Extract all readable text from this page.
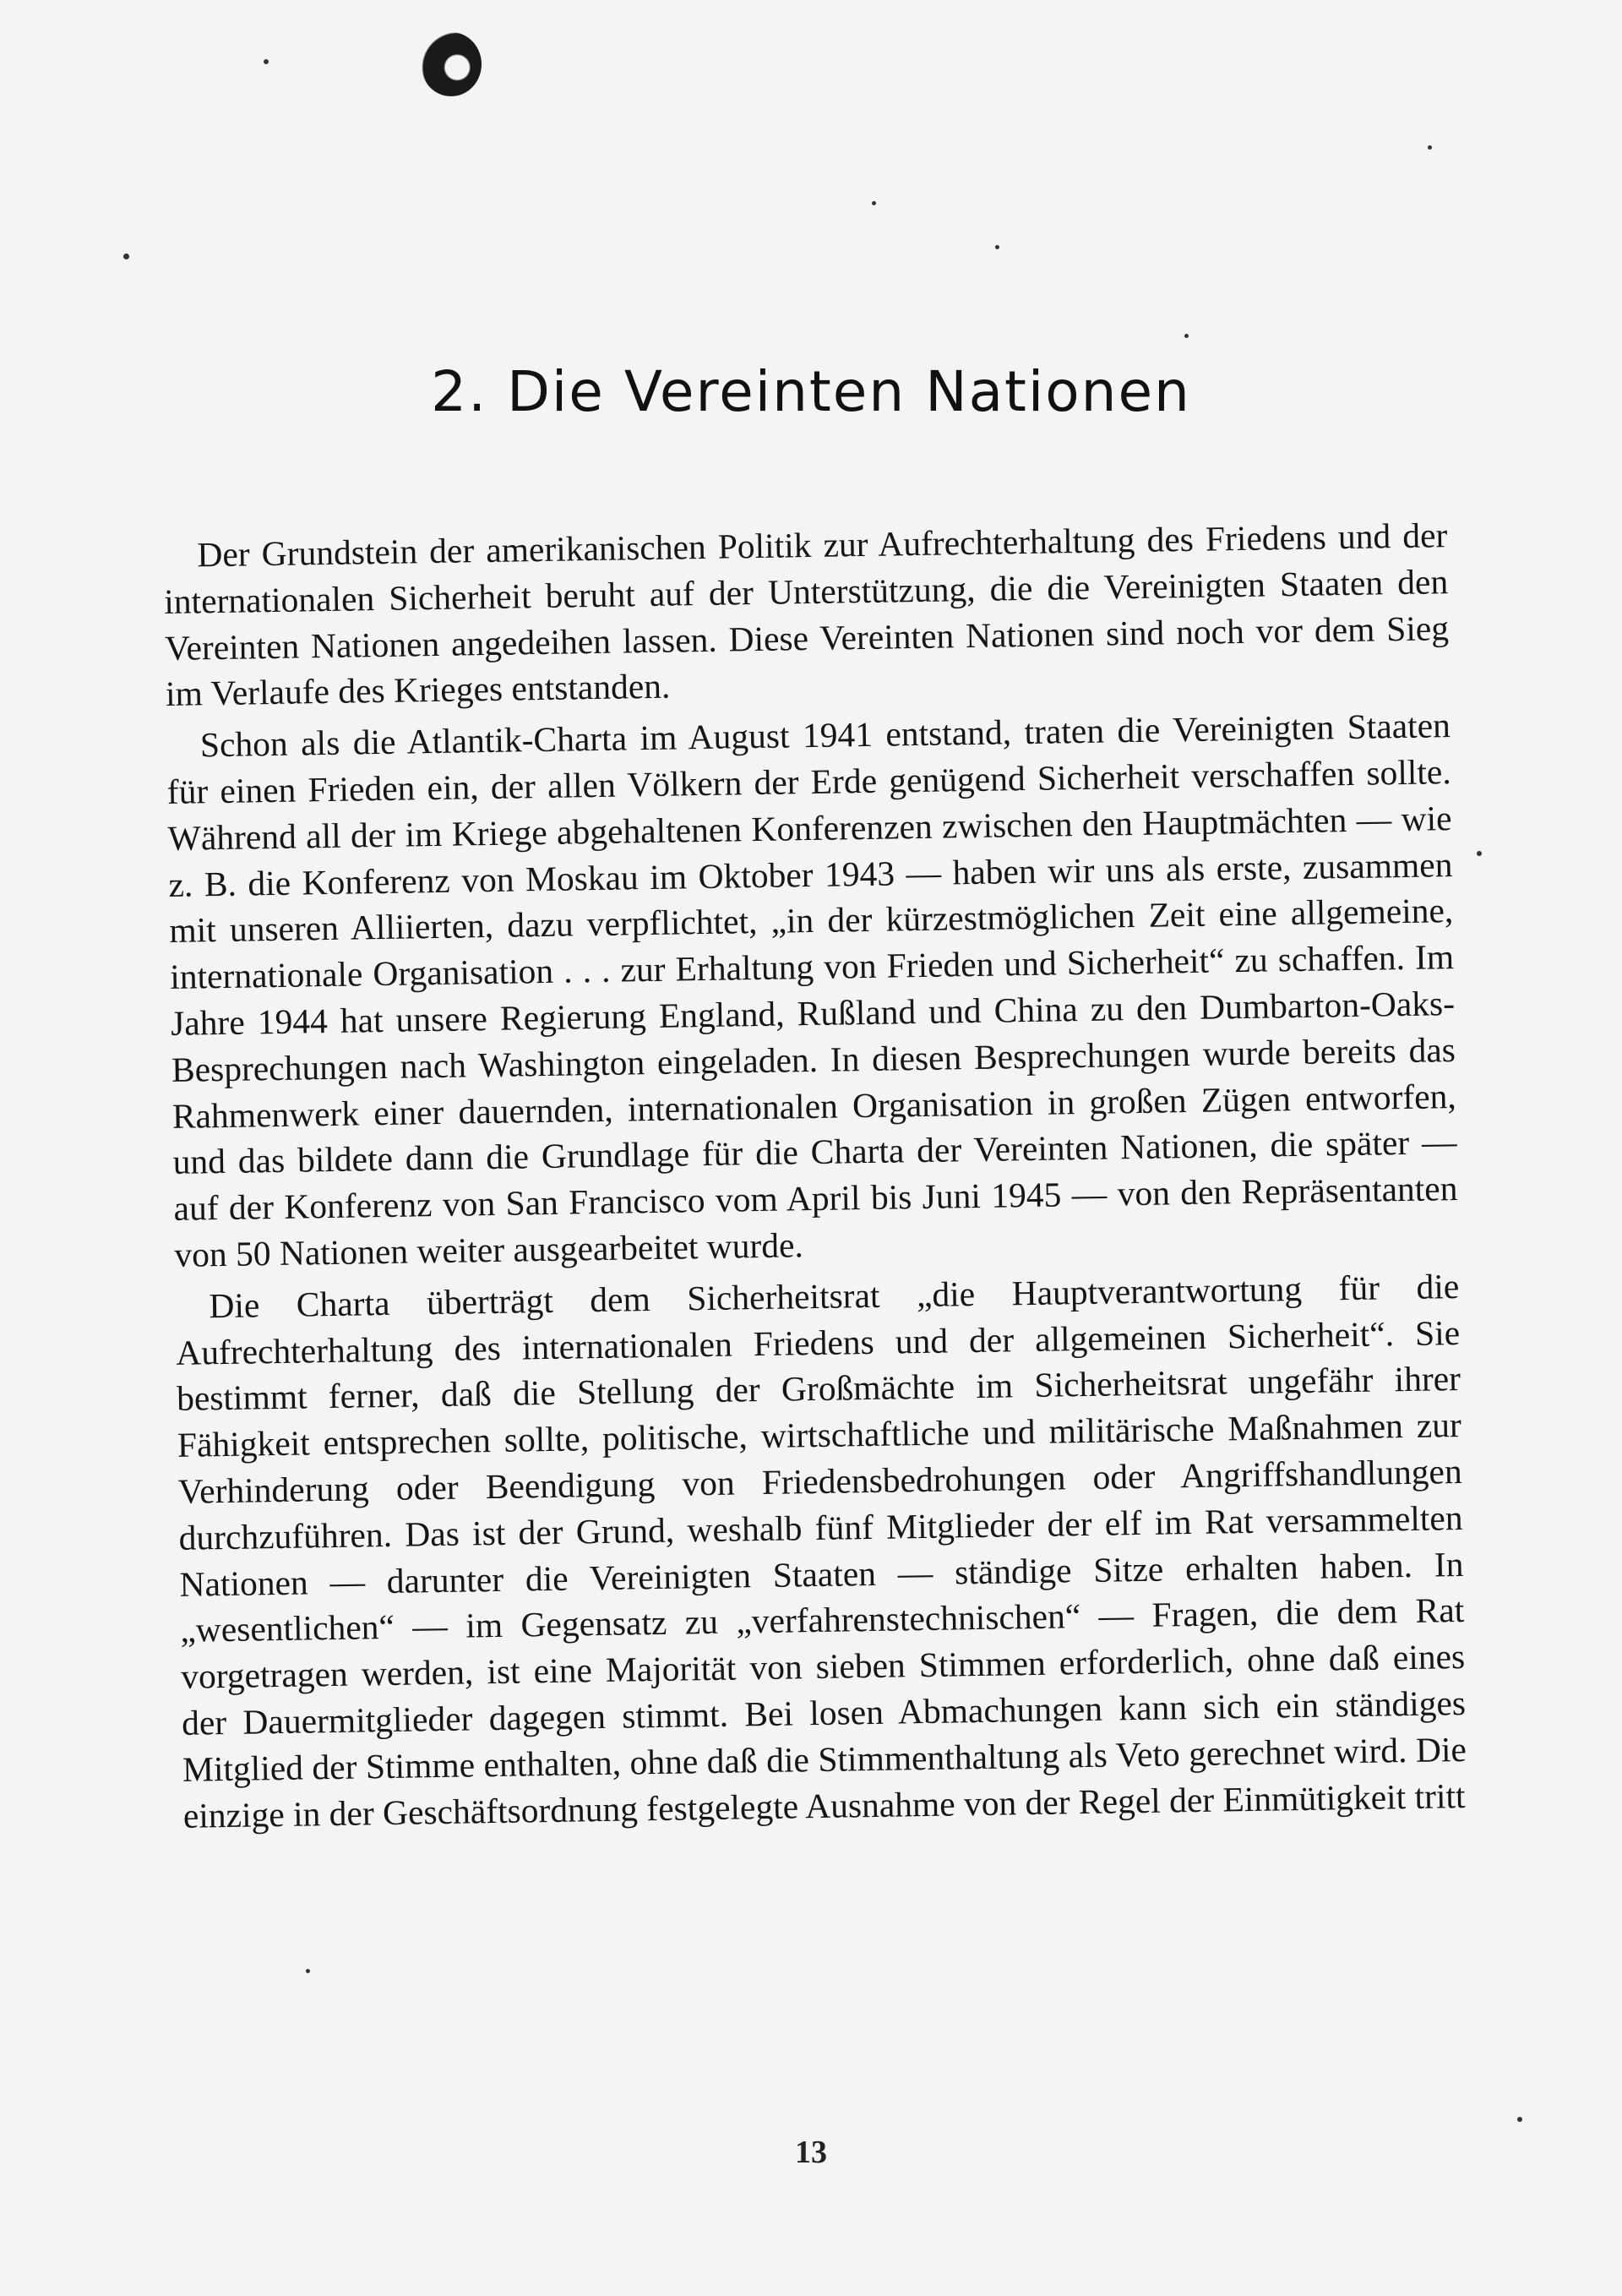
2. Die Vereinten Nationen

Der Grundstein der amerikanischen Politik zur Aufrechterhaltung des Friedens und der internationalen Sicherheit beruht auf der Unterstützung, die die Vereinigten Staaten den Vereinten Nationen angedeihen lassen. Diese Vereinten Nationen sind noch vor dem Sieg im Verlaufe des Krieges entstanden.

Schon als die Atlantik-Charta im August 1941 entstand, traten die Vereinigten Staaten für einen Frieden ein, der allen Völkern der Erde genügend Sicherheit verschaffen sollte. Während all der im Kriege abgehaltenen Konferenzen zwischen den Hauptmächten — wie z. B. die Konferenz von Moskau im Oktober 1943 — haben wir uns als erste, zusammen mit unseren Alliierten, dazu verpflichtet, „in der kürzestmöglichen Zeit eine allgemeine, internationale Organisation . . . zur Erhaltung von Frieden und Sicherheit“ zu schaffen. Im Jahre 1944 hat unsere Regierung England, Rußland und China zu den Dumbarton-Oaks-Besprechungen nach Washington eingeladen. In diesen Besprechungen wurde bereits das Rahmenwerk einer dauernden, internationalen Organisation in großen Zügen entworfen, und das bildete dann die Grundlage für die Charta der Vereinten Nationen, die später — auf der Konferenz von San Francisco vom April bis Juni 1945 — von den Repräsentanten von 50 Nationen weiter ausgearbeitet wurde.

Die Charta überträgt dem Sicherheitsrat „die Hauptverantwortung für die Aufrechterhaltung des internationalen Friedens und der allgemeinen Sicherheit“. Sie bestimmt ferner, daß die Stellung der Großmächte im Sicherheitsrat ungefähr ihrer Fähigkeit entsprechen sollte, politische, wirtschaftliche und militärische Maßnahmen zur Verhinderung oder Beendigung von Friedensbedrohungen oder Angriffshandlungen durchzuführen. Das ist der Grund, weshalb fünf Mitglieder der elf im Rat versammelten Nationen — darunter die Vereinigten Staaten — ständige Sitze erhalten haben. In „wesentlichen“ — im Gegensatz zu „verfahrenstechnischen“ — Fragen, die dem Rat vorgetragen werden, ist eine Majorität von sieben Stimmen erforderlich, ohne daß eines der Dauermitglieder dagegen stimmt. Bei losen Abmachungen kann sich ein ständiges Mitglied der Stimme enthalten, ohne daß die Stimmenthaltung als Veto gerechnet wird. Die einzige in der Geschäftsordnung festgelegte Ausnahme von der Regel der Einmütigkeit tritt

13
